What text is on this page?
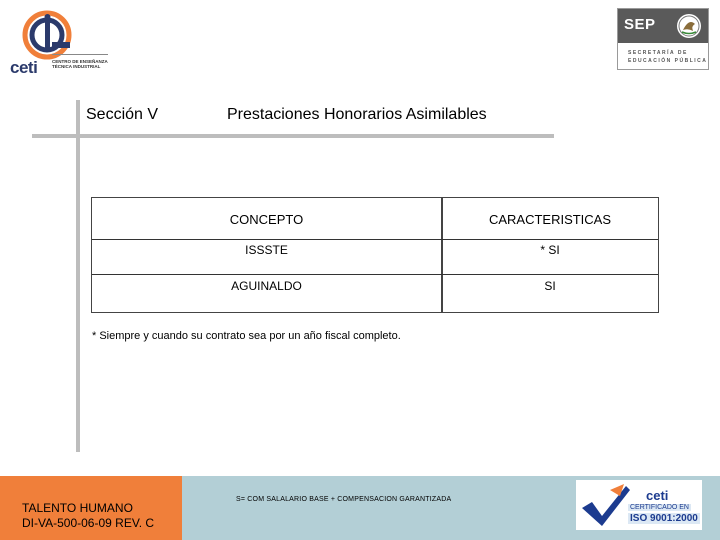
ceti	CENTRO DE ENSEÑANZA
TÉCNICA INDUSTRIAL
SEP
SECRETARÍA DE
EDUCACIÓN PÚBLICA
Sección V	Prestaciones Honorarios Asimilables
CONCEPTO	CARACTERISTICAS
ISSSTE	* SI
AGUINALDO	SI
* Siempre y cuando su contrato sea por un año fiscal completo.
TALENTO HUMANO
DI-VA-500-06-09 REV. C
S= COM SALALARIO BASE + COMPENSACION GARANTIZADA	ceti
CERTIFICADO EN
ISO 9001:2000
